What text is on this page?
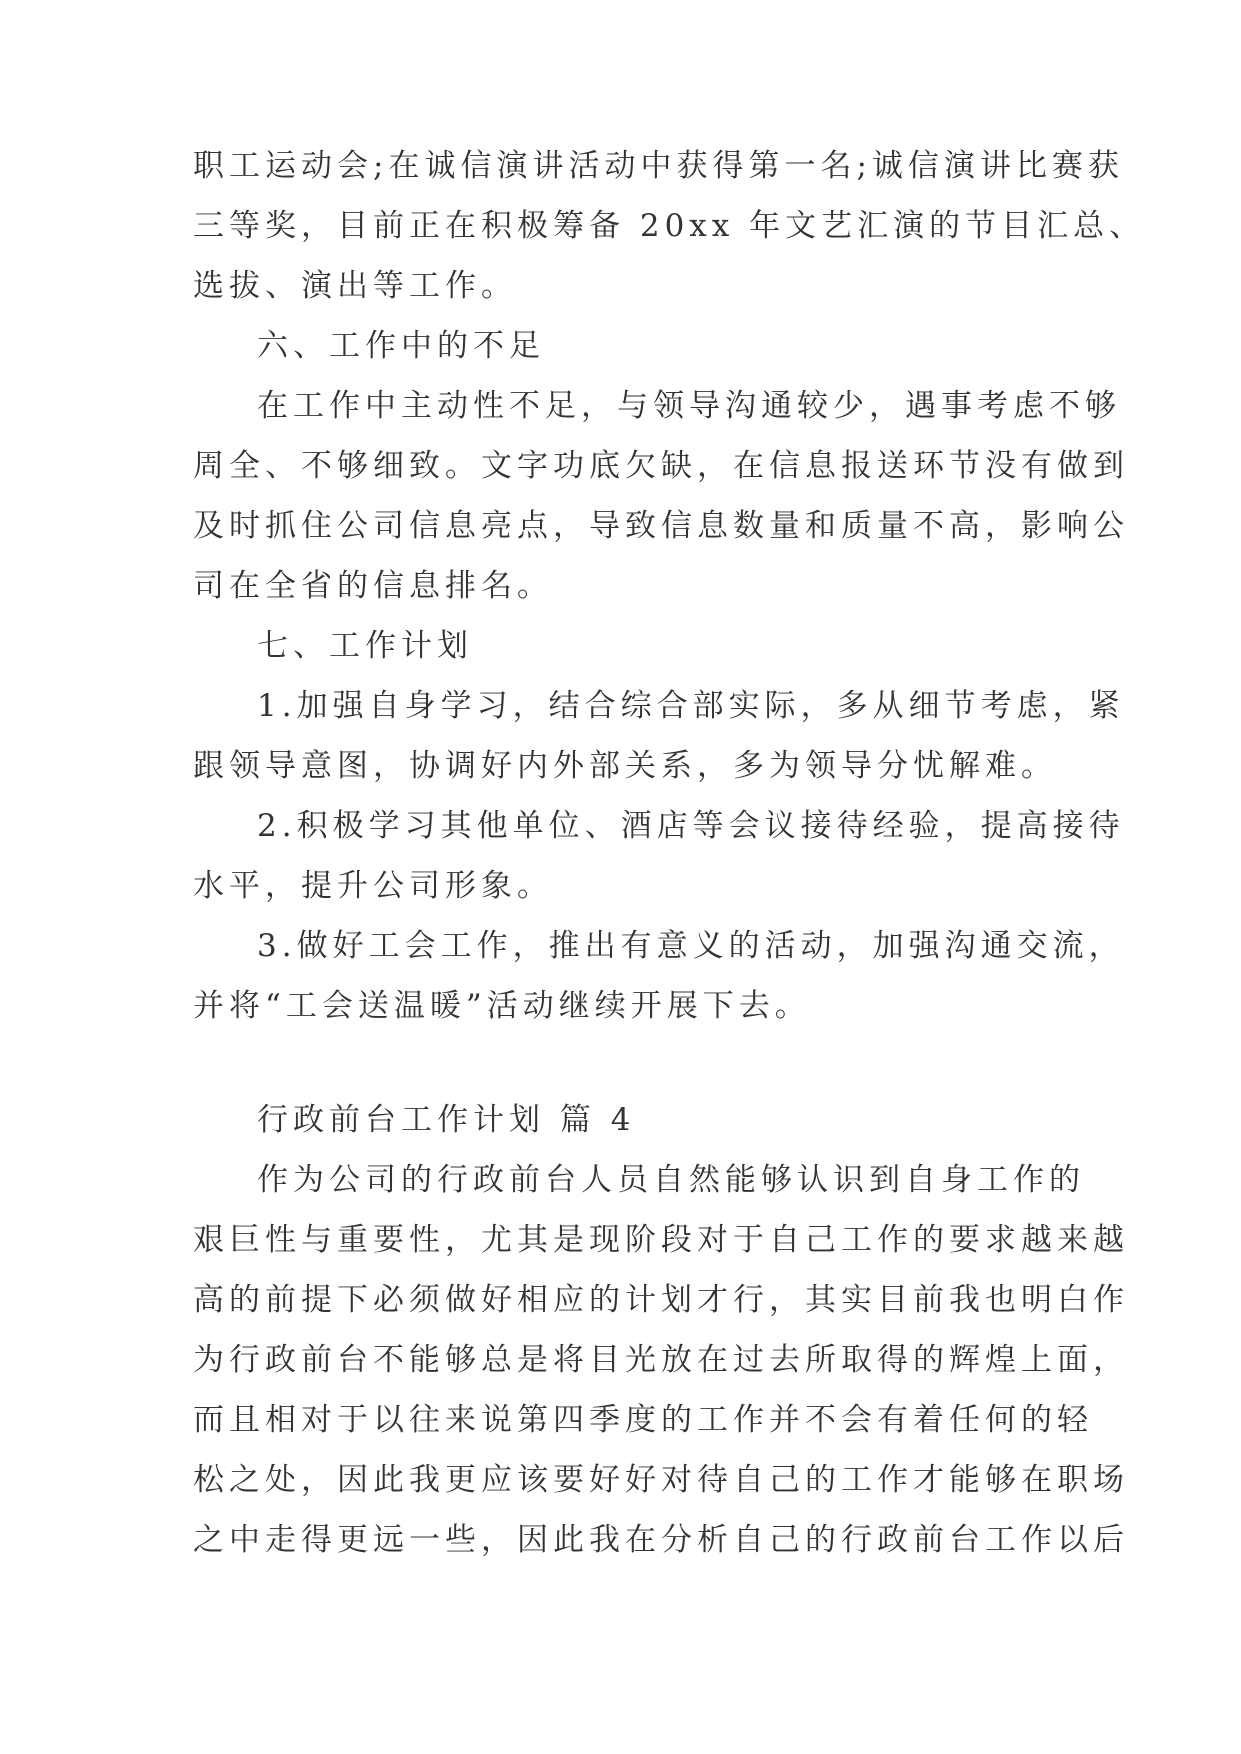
职工运动会;在诚信演讲活动中获得第一名;诚信演讲比赛获
三等奖，目前正在积极筹备 20xx 年文艺汇演的节目汇总、
选拔、演出等工作。
六、工作中的不足
在工作中主动性不足，与领导沟通较少，遇事考虑不够
周全、不够细致。文字功底欠缺，在信息报送环节没有做到
及时抓住公司信息亮点，导致信息数量和质量不高，影响公
司在全省的信息排名。
七、工作计划
1.加强自身学习，结合综合部实际，多从细节考虑，紧
跟领导意图，协调好内外部关系，多为领导分忧解难。
2.积极学习其他单位、酒店等会议接待经验，提高接待
水平，提升公司形象。
3.做好工会工作，推出有意义的活动，加强沟通交流，
并将“工会送温暖”活动继续开展下去。
行政前台工作计划 篇 4
作为公司的行政前台人员自然能够认识到自身工作的
艰巨性与重要性，尤其是现阶段对于自己工作的要求越来越
高的前提下必须做好相应的计划才行，其实目前我也明白作
为行政前台不能够总是将目光放在过去所取得的辉煌上面，
而且相对于以往来说第四季度的工作并不会有着任何的轻
松之处，因此我更应该要好好对待自己的工作才能够在职场
之中走得更远一些，因此我在分析自己的行政前台工作以后
